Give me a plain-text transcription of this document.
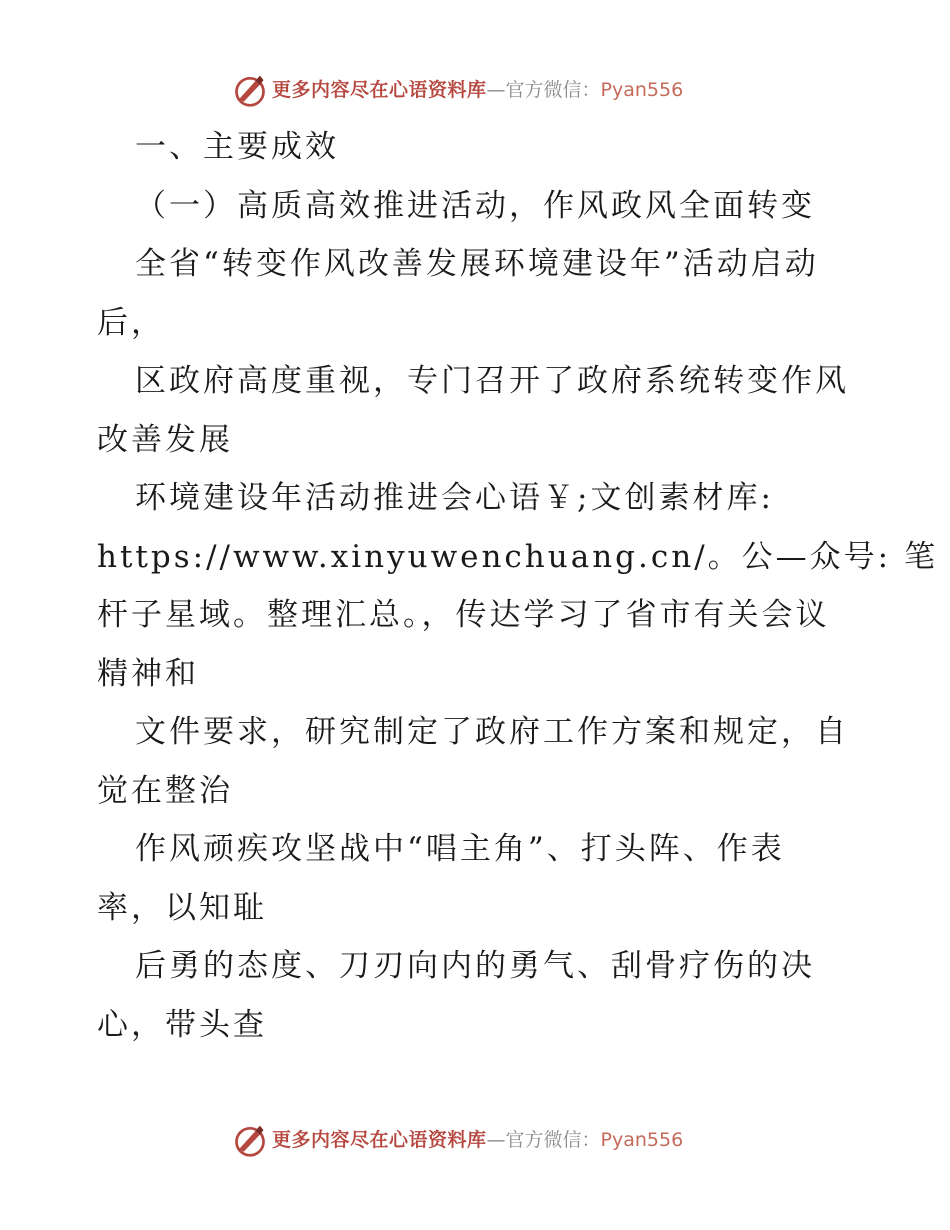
更多内容尽在心语资料库—官方微信：Pyan556

一、主要成效

（一）高质高效推进活动，作风政风全面转变

全省“转变作风改善发展环境建设年”活动启动

后，

区政府高度重视，专门召开了政府系统转变作风

改善发展

环境建设年活动推进会心语￥;文创素材库:

https://www.xinyuwenchuang.cn/。公—众号: 笔

杆子星域。整理汇总。，传达学习了省市有关会议

精神和

文件要求，研究制定了政府工作方案和规定，自

觉在整治

作风顽疾攻坚战中“唱主角”、打头阵、作表

率，以知耻

后勇的态度、刀刃向内的勇气、刮骨疗伤的决

心，带头查

更多内容尽在心语资料库—官方微信：Pyan556
